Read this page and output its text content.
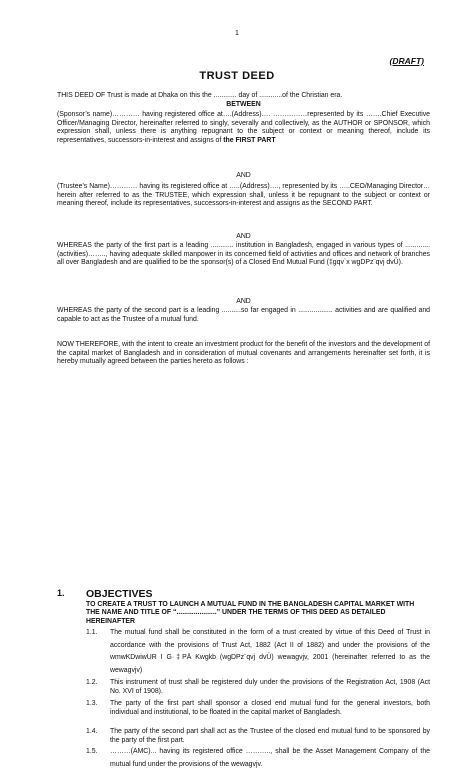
1
(DRAFT)
TRUST DEED
THIS DEED OF Trust is made at Dhaka on this the ............ day of ............of the Christian era.
BETWEEN
(Sponsor’s name)………… having registered office at….(Address)…. ……………represented by its …….Chief Executive Officer/Managing Director, hereinafter referred to singly, severally and collectively, as the AUTHOR or SPONSOR, which expression shall, unless there is anything repugnant to the subject or context or meaning thereof, include its representatives, successors-in-interest and assigns of the FIRST PART
AND
(Trustee’s Name)………… having its registered office at …..(Address)…., represented by its …..CEO/Managing Director… herein after referred to as the TRUSTEE, which expression shall, unless it be repugnant to the subject or context or meaning thereof, include its representatives, successors-in-interest and assigns as the SECOND PART.
AND
WHEREAS the party of the first part is a leading ............ institution in Bangladesh, engaged in various types of .............(activities)…….., having adequate skilled manpower in its concerned field of activities and offices and network of branches all over Bangladesh and are qualified to be the sponsor(s) of a Closed End Mutual Fund (‡gqv`x wgDPz¨qvj dvÛ).
AND
WHEREAS the party of the second part is a leading ..........so far engaged in .................. activities and are qualified and capable to act as the Trustee of a mutual fund.
NOW THEREFORE, with the intent to create an investment product for the benefit of the investors and the development of the capital market of Bangladesh and in consideration of mutual covenants and arrangements hereinafter set forth, it is hereby mutually agreed between the parties hereto as follows :
1. OBJECTIVES
TO CREATE A TRUST TO LAUNCH A MUTUAL FUND IN THE BANGLADESH CAPITAL MARKET WITH THE NAME AND TITLE OF “.....................” UNDER THE TERMS OF THIS DEED AS DETAILED HEREINAFTER
1.1. The mutual fund shall be constituted in the form of a trust created by virtue of this Deed of Trust in accordance with the provisions of Trust Act, 1882 (Act II of 1882) and under the provisions of the wmwKDwiwUR I G·‡PÄ Kwgkb (wgDPz¨qvj dvÛ) wewagvjv, 2001 (hereinafter referred to as the wewagvjv)
1.2. This instrument of trust shall be registered duly under the provisions of the Registration Act, 1908 (Act No. XVI of 1908).
1.3. The party of the first part shall sponsor a closed end mutual fund for the general investors, both individual and institutional, to be floated in the capital market of Bangladesh.
1.4. The party of the second part shall act as the Trustee of the closed end mutual fund to be sponsored by the party of the first part.
1.5. ………(AMC)... having its registered office ……….., shall be the Asset Management Company of the mutual fund under the provisions of the wewagvjv.
